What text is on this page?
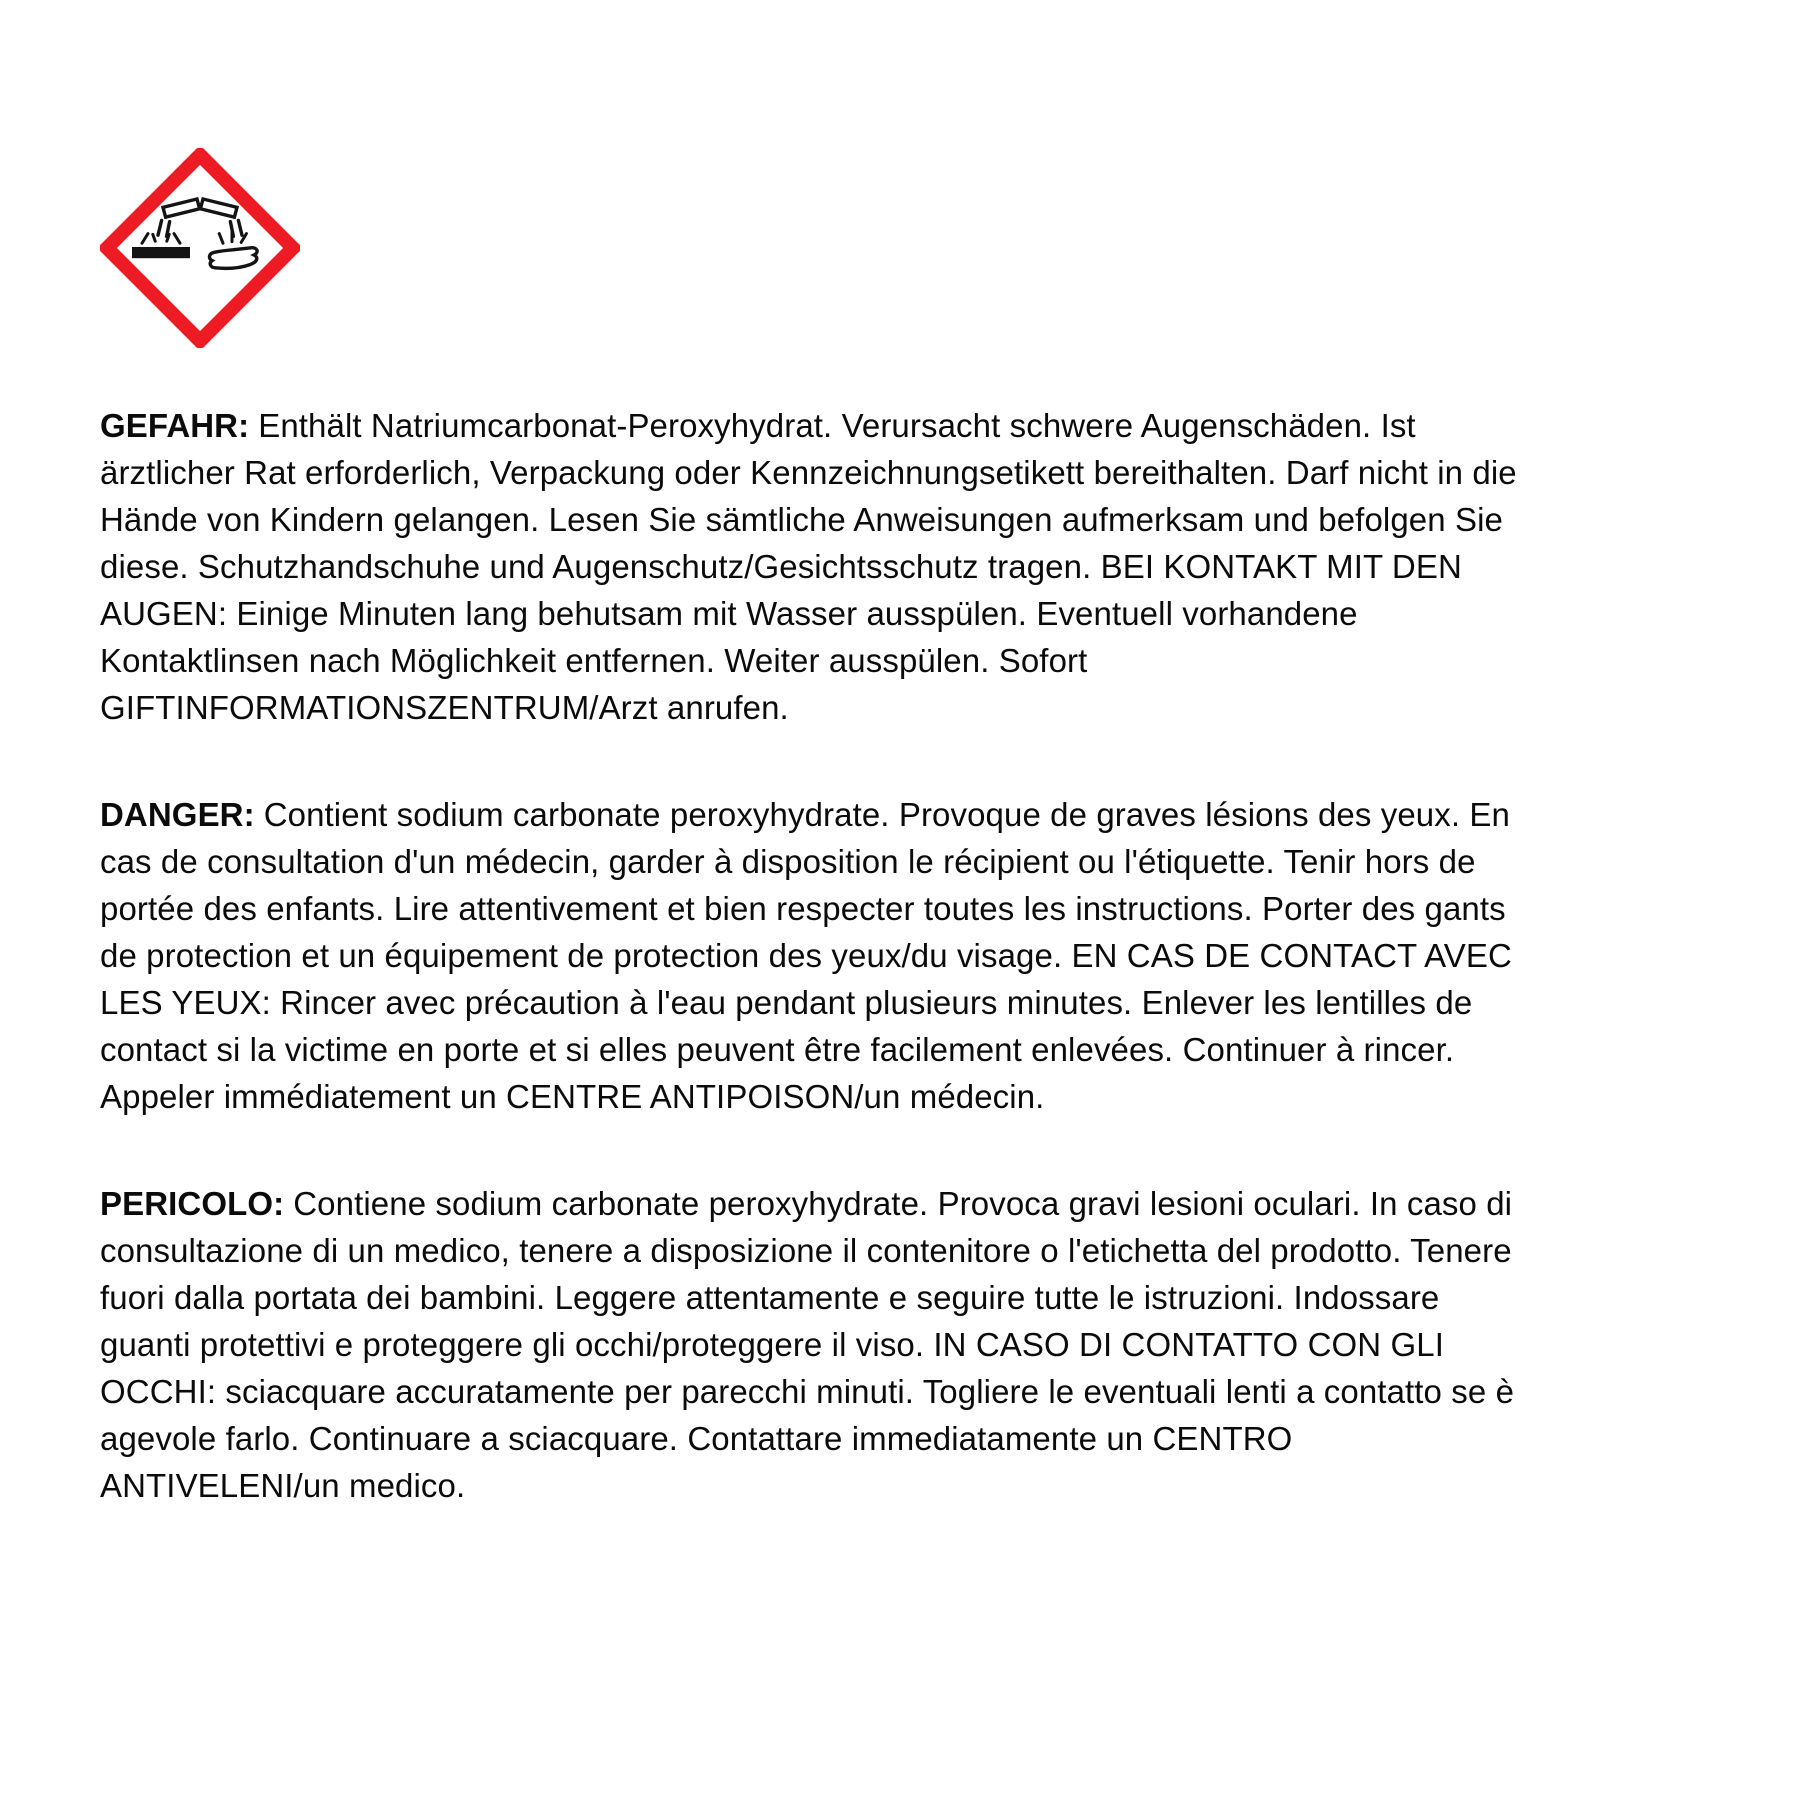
GEFAHR: Enthält Natriumcarbonat-Peroxyhydrat. Verursacht schwere Augenschäden. Ist ärztlicher Rat erforderlich, Verpackung oder Kennzeichnungsetikett bereithalten. Darf nicht in die Hände von Kindern gelangen. Lesen Sie sämtliche Anweisungen aufmerksam und befolgen Sie diese. Schutzhandschuhe und Augenschutz/Gesichtsschutz tragen. BEI KONTAKT MIT DEN AUGEN: Einige Minuten lang behutsam mit Wasser ausspülen. Eventuell vorhandene Kontaktlinsen nach Möglichkeit entfernen. Weiter ausspülen. Sofort GIFTINFORMATIONSZENTRUM/Arzt anrufen.

DANGER: Contient sodium carbonate peroxyhydrate. Provoque de graves lésions des yeux. En cas de consultation d'un médecin, garder à disposition le récipient ou l'étiquette. Tenir hors de portée des enfants. Lire attentivement et bien respecter toutes les instructions. Porter des gants de protection et un équipement de protection des yeux/du visage. EN CAS DE CONTACT AVEC LES YEUX: Rincer avec précaution à l'eau pendant plusieurs minutes. Enlever les lentilles de contact si la victime en porte et si elles peuvent être facilement enlevées. Continuer à rincer. Appeler immédiatement un CENTRE ANTIPOISON/un médecin.

PERICOLO: Contiene sodium carbonate peroxyhydrate. Provoca gravi lesioni oculari. In caso di consultazione di un medico, tenere a disposizione il contenitore o l'etichetta del prodotto. Tenere fuori dalla portata dei bambini. Leggere attentamente e seguire tutte le istruzioni. Indossare guanti protettivi e proteggere gli occhi/proteggere il viso. IN CASO DI CONTATTO CON GLI OCCHI: sciacquare accuratamente per parecchi minuti. Togliere le eventuali lenti a contatto se è agevole farlo. Continuare a sciacquare. Contattare immediatamente un CENTRO ANTIVELENI/un medico.
